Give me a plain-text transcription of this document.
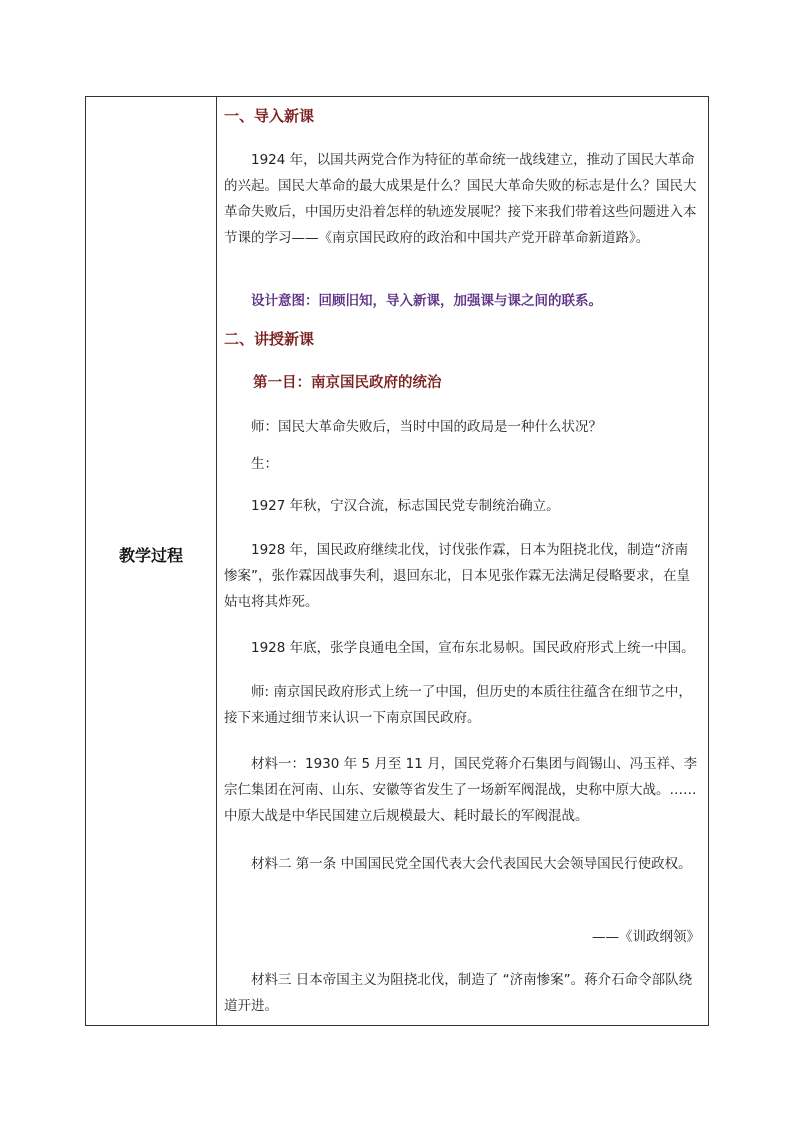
教学过程
一、导入新课
1924 年，以国共两党合作为特征的革命统一战线建立，推动了国民大革命的兴起。国民大革命的最大成果是什么？国民大革命失败的标志是什么？国民大革命失败后，中国历史沿着怎样的轨迹发展呢？接下来我们带着这些问题进入本节课的学习——《南京国民政府的政治和中国共产党开辟革命新道路》。
设计意图：回顾旧知，导入新课，加强课与课之间的联系。
二、讲授新课
第一目：南京国民政府的统治
师：国民大革命失败后，当时中国的政局是一种什么状况？
生：
1927 年秋，宁汉合流，标志国民党专制统治确立。
1928 年，国民政府继续北伐，讨伐张作霖，日本为阻挠北伐，制造“济南惨案”，张作霖因战事失利，退回东北，日本见张作霖无法满足侵略要求，在皇姑屯将其炸死。
1928 年底，张学良通电全国，宣布东北易帜。国民政府形式上统一中国。
师: 南京国民政府形式上统一了中国，但历史的本质往往蕴含在细节之中，接下来通过细节来认识一下南京国民政府。
材料一：1930 年 5 月至 11 月，国民党蒋介石集团与阎锡山、冯玉祥、李宗仁集团在河南、山东、安徽等省发生了一场新军阀混战，史称中原大战。……中原大战是中华民国建立后规模最大、耗时最长的军阀混战。
材料二 第一条 中国国民党全国代表大会代表国民大会领导国民行使政权。
——《训政纲领》
材料三 日本帝国主义为阻挠北伐，制造了 “济南惨案”。蒋介石命令部队绕道开进。
